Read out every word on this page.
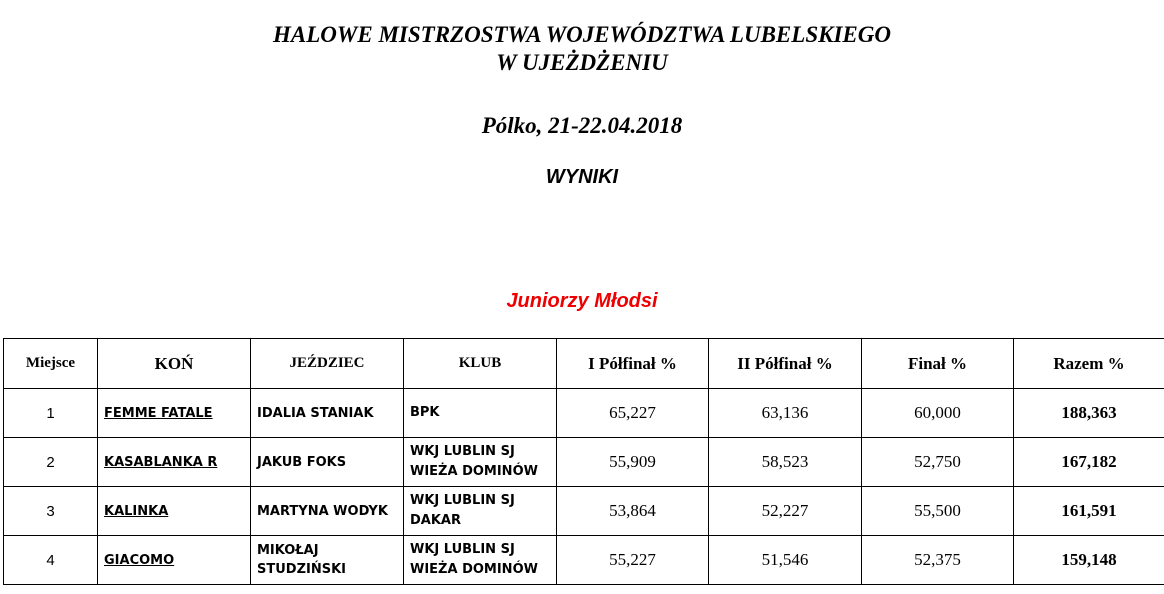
HALOWE MISTRZOSTWA WOJEWÓDZTWA LUBELSKIEGO
W UJEŻDŻENIU
Pólko, 21-22.04.2018
WYNIKI
Juniorzy Młodsi
Miejsce	KOŃ	JEŹDZIEC	KLUB	I Półfinał %	II Półfinał %	Finał %	Razem %
1	FEMME FATALE	IDALIA STANIAK	BPK	65,227	63,136	60,000	188,363
2	KASABLANKA R	JAKUB FOKS	WKJ LUBLIN SJ
WIEŻA DOMINÓW	55,909	58,523	52,750	167,182
3	KALINKA	MARTYNA WODYK	WKJ LUBLIN SJ
DAKAR	53,864	52,227	55,500	161,591
4	GIACOMO	MIKOŁAJ
STUDZIŃSKI	WKJ LUBLIN SJ
WIEŻA DOMINÓW	55,227	51,546	52,375	159,148
